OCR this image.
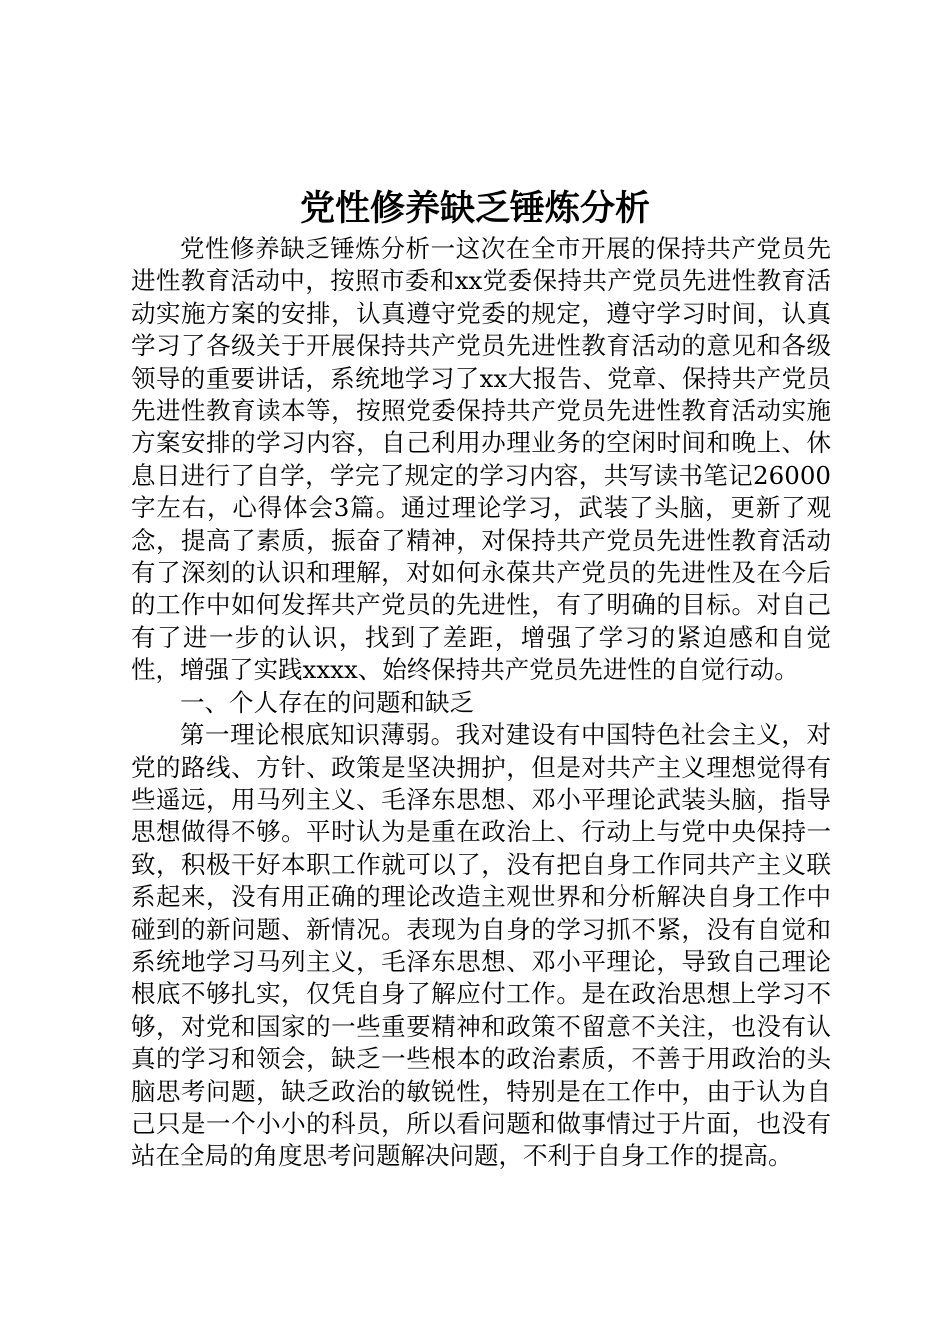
党性修养缺乏锤炼分析

党性修养缺乏锤炼分析一这次在全市开展的保持共产党员先进性教育活动中，按照市委和xx党委保持共产党员先进性教育活动实施方案的安排，认真遵守党委的规定，遵守学习时间，认真学习了各级关于开展保持共产党员先进性教育活动的意见和各级领导的重要讲话，系统地学习了xx大报告、党章、保持共产党员先进性教育读本等，按照党委保持共产党员先进性教育活动实施方案安排的学习内容，自己利用办理业务的空闲时间和晚上、休息日进行了自学，学完了规定的学习内容，共写读书笔记26000字左右，心得体会3篇。通过理论学习，武装了头脑，更新了观念，提高了素质，振奋了精神，对保持共产党员先进性教育活动有了深刻的认识和理解，对如何永葆共产党员的先进性及在今后的工作中如何发挥共产党员的先进性，有了明确的目标。对自己有了进一步的认识，找到了差距，增强了学习的紧迫感和自觉性，增强了实践xxxx、始终保持共产党员先进性的自觉行动。

一、个人存在的问题和缺乏

第一理论根底知识薄弱。我对建设有中国特色社会主义，对党的路线、方针、政策是坚决拥护，但是对共产主义理想觉得有些遥远，用马列主义、毛泽东思想、邓小平理论武装头脑，指导思想做得不够。平时认为是重在政治上、行动上与党中央保持一致，积极干好本职工作就可以了，没有把自身工作同共产主义联系起来，没有用正确的理论改造主观世界和分析解决自身工作中碰到的新问题、新情况。表现为自身的学习抓不紧，没有自觉和系统地学习马列主义，毛泽东思想、邓小平理论，导致自己理论根底不够扎实，仅凭自身了解应付工作。是在政治思想上学习不够，对党和国家的一些重要精神和政策不留意不关注，也没有认真的学习和领会，缺乏一些根本的政治素质，不善于用政治的头脑思考问题，缺乏政治的敏锐性，特别是在工作中，由于认为自己只是一个小小的科员，所以看问题和做事情过于片面，也没有站在全局的角度思考问题解决问题，不利于自身工作的提高。
